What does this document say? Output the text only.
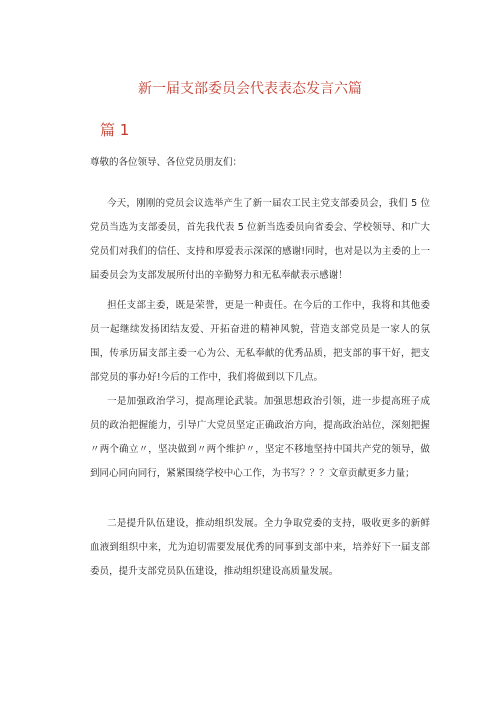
新一届支部委员会代表表态发言六篇
篇 1
尊敬的各位领导、各位党员朋友们：
今天，刚刚的党员会议选举产生了新一届农工民主党支部委员会，我们 5 位党员当选为支部委员，首先我代表 5 位新当选委员向省委会、学校领导、和广大党员们对我们的信任、支持和厚爱表示深深的感谢!同时，也对是以为主委的上一届委员会为支部发展所付出的辛勤努力和无私奉献表示感谢！
担任支部主委，既是荣誉，更是一种责任。在今后的工作中，我将和其他委员一起继续发扬团结友爱、开拓奋进的精神风貌，营造支部党员是一家人的氛围，传承历届支部主委一心为公、无私奉献的优秀品质，把支部的事干好，把支部党员的事办好!今后的工作中，我们将做到以下几点。
一是加强政治学习，提高理论武装。加强思想政治引领，进一步提高班子成员的政治把握能力，引导广大党员坚定正确政治方向，提高政治站位，深刻把握〃两个确立〃，坚决做到〃两个维护〃，坚定不移地坚持中国共产党的领导，做到同心同向同行，紧紧围绕学校中心工作，为书写？？？文章贡献更多力量；
二是提升队伍建设，推动组织发展。全力争取党委的支持，吸收更多的新鲜血液到组织中来，尤为迫切需要发展优秀的同事到支部中来，培养好下一届支部委员，提升支部党员队伍建设，推动组织建设高质量发展。
